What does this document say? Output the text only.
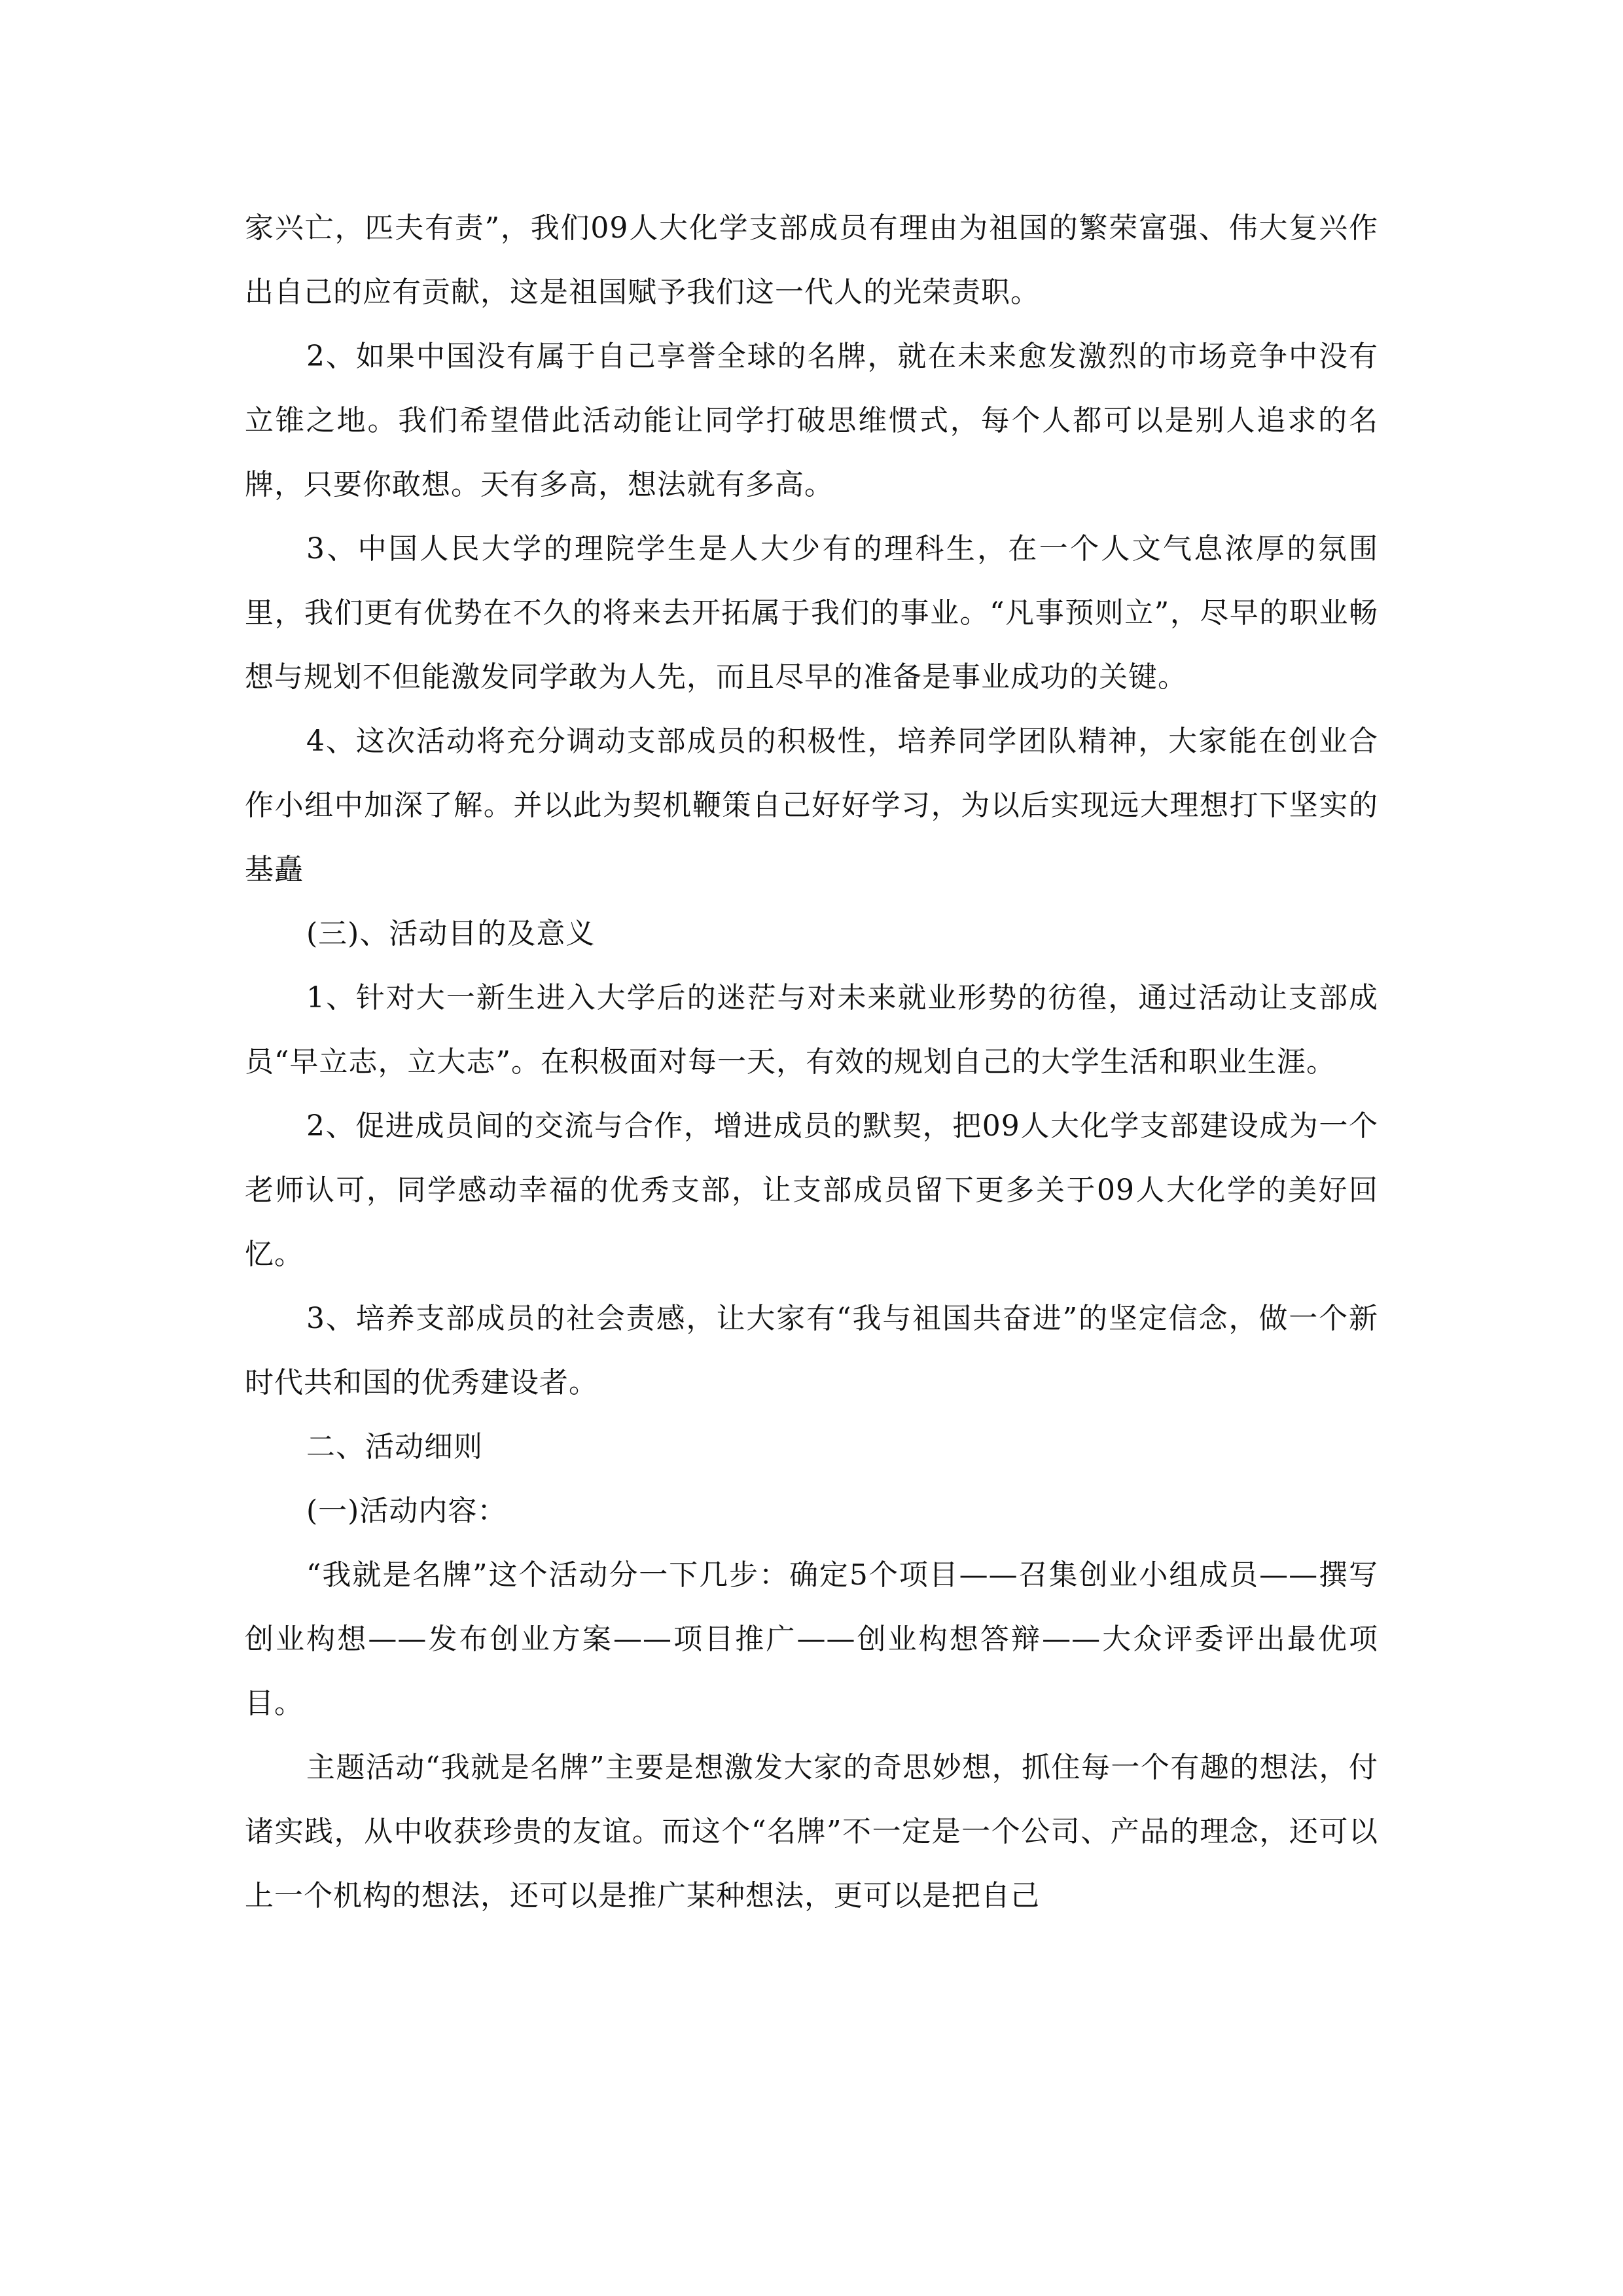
家兴亡，匹夫有责”，我们09人大化学支部成员有理由为祖国的繁荣富强、伟大复兴作出自己的应有贡献，这是祖国赋予我们这一代人的光荣责职。

2、如果中国没有属于自己享誉全球的名牌，就在未来愈发激烈的市场竞争中没有立锥之地。我们希望借此活动能让同学打破思维惯式，每个人都可以是别人追求的名牌，只要你敢想。天有多高，想法就有多高。

3、中国人民大学的理院学生是人大少有的理科生，在一个人文气息浓厚的氛围里，我们更有优势在不久的将来去开拓属于我们的事业。“凡事预则立”，尽早的职业畅想与规划不但能激发同学敢为人先，而且尽早的准备是事业成功的关键。

4、这次活动将充分调动支部成员的积极性，培养同学团队精神，大家能在创业合作小组中加深了解。并以此为契机鞭策自己好好学习，为以后实现远大理想打下坚实的基矗

(三)、活动目的及意义

1、针对大一新生进入大学后的迷茫与对未来就业形势的彷徨，通过活动让支部成员“早立志，立大志”。在积极面对每一天，有效的规划自己的大学生活和职业生涯。

2、促进成员间的交流与合作，增进成员的默契，把09人大化学支部建设成为一个老师认可，同学感动幸福的优秀支部，让支部成员留下更多关于09人大化学的美好回忆。

3、培养支部成员的社会责感，让大家有“我与祖国共奋进”的坚定信念，做一个新时代共和国的优秀建设者。

二、活动细则

(一)活动内容：

“我就是名牌”这个活动分一下几步：确定5个项目——召集创业小组成员——撰写创业构想——发布创业方案——项目推广——创业构想答辩——大众评委评出最优项目。

主题活动“我就是名牌”主要是想激发大家的奇思妙想，抓住每一个有趣的想法，付诸实践，从中收获珍贵的友谊。而这个“名牌”不一定是一个公司、产品的理念，还可以上一个机构的想法，还可以是推广某种想法，更可以是把自己
